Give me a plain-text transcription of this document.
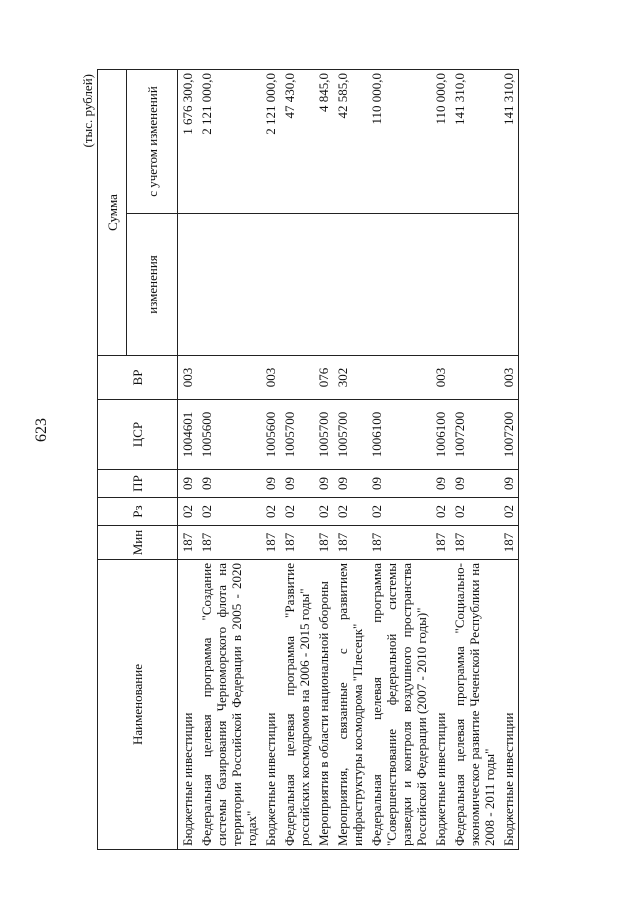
623
(тыс. рублей)
Наименование	Мин	Рз	ПР	ЦСР	ВР	Сумма	
						изменения	с учетом изменений
Бюджетные инвестиции	187	02	09	1004601	003		1 676 300,0
Федеральная целевая программа "Создание системы базирования Черноморского флота на территории Российской Федерации в 2005 - 2020 годах"	187	02	09	1005600			2 121 000,0
Бюджетные инвестиции	187	02	09	1005600	003		2 121 000,0
Федеральная целевая программа "Развитие российских космодромов на 2006 - 2015 годы"	187	02	09	1005700			47 430,0
Мероприятия в области национальной обороны	187	02	09	1005700	076		4 845,0
Мероприятия, связанные с развитием инфраструктуры космодрома "Плесецк"	187	02	09	1005700	302		42 585,0
Федеральная целевая программа "Совершенствование федеральной системы разведки и контроля воздушного пространства Российской Федерации (2007 - 2010 годы)"	187	02	09	1006100			110 000,0
Бюджетные инвестиции	187	02	09	1006100	003		110 000,0
Федеральная целевая программа "Социально-экономическое развитие Чеченской Республики на 2008 - 2011 годы"	187	02	09	1007200			141 310,0
Бюджетные инвестиции	187	02	09	1007200	003		141 310,0
